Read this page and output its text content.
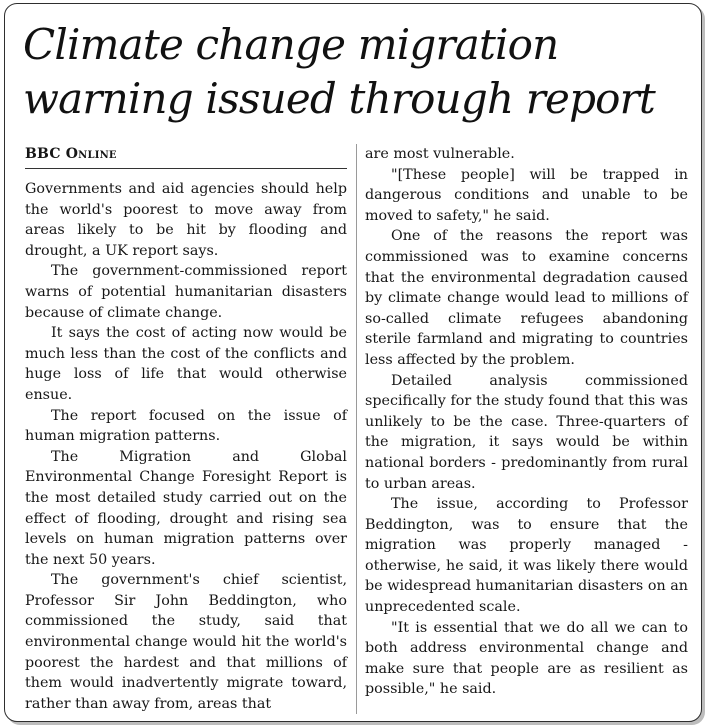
Climate change migration warning issued through report
BBC Online

Governments and aid agencies should help the world's poorest to move away from areas likely to be hit by flooding and drought, a UK report says.

The government-commissioned report warns of potential humanitarian disasters because of climate change.

It says the cost of acting now would be much less than the cost of the conflicts and huge loss of life that would otherwise ensue.

The report focused on the issue of human migration patterns.

The Migration and Global Environmental Change Foresight Report is the most detailed study carried out on the effect of flooding, drought and rising sea levels on human migration patterns over the next 50 years.

The government's chief scientist, Professor Sir John Beddington, who commissioned the study, said that environmental change would hit the world's poorest the hardest and that millions of them would inadvertently migrate toward, rather than away from, areas that

are most vulnerable.

"[These people] will be trapped in dangerous conditions and unable to be moved to safety," he said.

One of the reasons the report was commissioned was to examine concerns that the environmental degradation caused by climate change would lead to millions of so-called climate refugees abandoning sterile farmland and migrating to countries less affected by the problem.

Detailed analysis commissioned specifically for the study found that this was unlikely to be the case. Three-quarters of the migration, it says would be within national borders - predominantly from rural to urban areas.

The issue, according to Professor Beddington, was to ensure that the migration was properly managed - otherwise, he said, it was likely there would be widespread humanitarian disasters on an unprecedented scale.

"It is essential that we do all we can to both address environmental change and make sure that people are as resilient as possible," he said.
